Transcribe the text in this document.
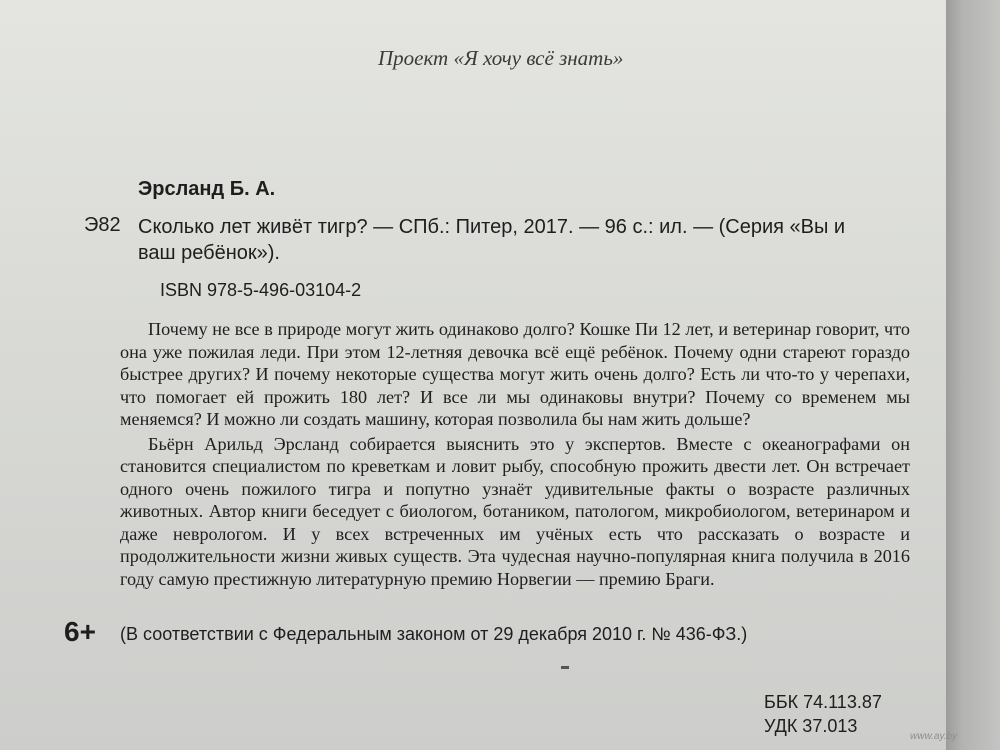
Проект «Я хочу всё знать»
Эрсланд Б. А.
Э82 Сколько лет живёт тигр? — СПб.: Питер, 2017. — 96 с.: ил. — (Серия «Вы и ваш ребёнок»).
ISBN 978-5-496-03104-2

Почему не все в природе могут жить одинаково долго? Кошке Пи 12 лет, и ветеринар говорит, что она уже пожилая леди. При этом 12-летняя девочка всё ещё ребёнок. Почему одни стареют гораздо быстрее других? И почему некоторые существа могут жить очень долго? Есть ли что-то у черепахи, что помогает ей прожить 180 лет? И все ли мы одинаковы внутри? Почему со временем мы меняемся? И можно ли создать машину, которая позволила бы нам жить дольше?

Бьёрн Арильд Эрсланд собирается выяснить это у экспертов. Вместе с океанографами он становится специалистом по креветкам и ловит рыбу, способную прожить двести лет. Он встречает одного очень пожилого тигра и попутно узнаёт удивительные факты о возрасте различных животных. Автор книги беседует с биологом, ботаником, патологом, микробиологом, ветеринаром и даже неврологом. И у всех встреченных им учёных есть что рассказать о возрасте и продолжительности жизни живых существ. Эта чудесная научно-популярная книга получила в 2016 году самую престижную литературную премию Норвегии — премию Браги.

6+ (В соответствии с Федеральным законом от 29 декабря 2010 г. № 436-ФЗ.)
ББК 74.113.87
УДК 37.013
www.ay.by
